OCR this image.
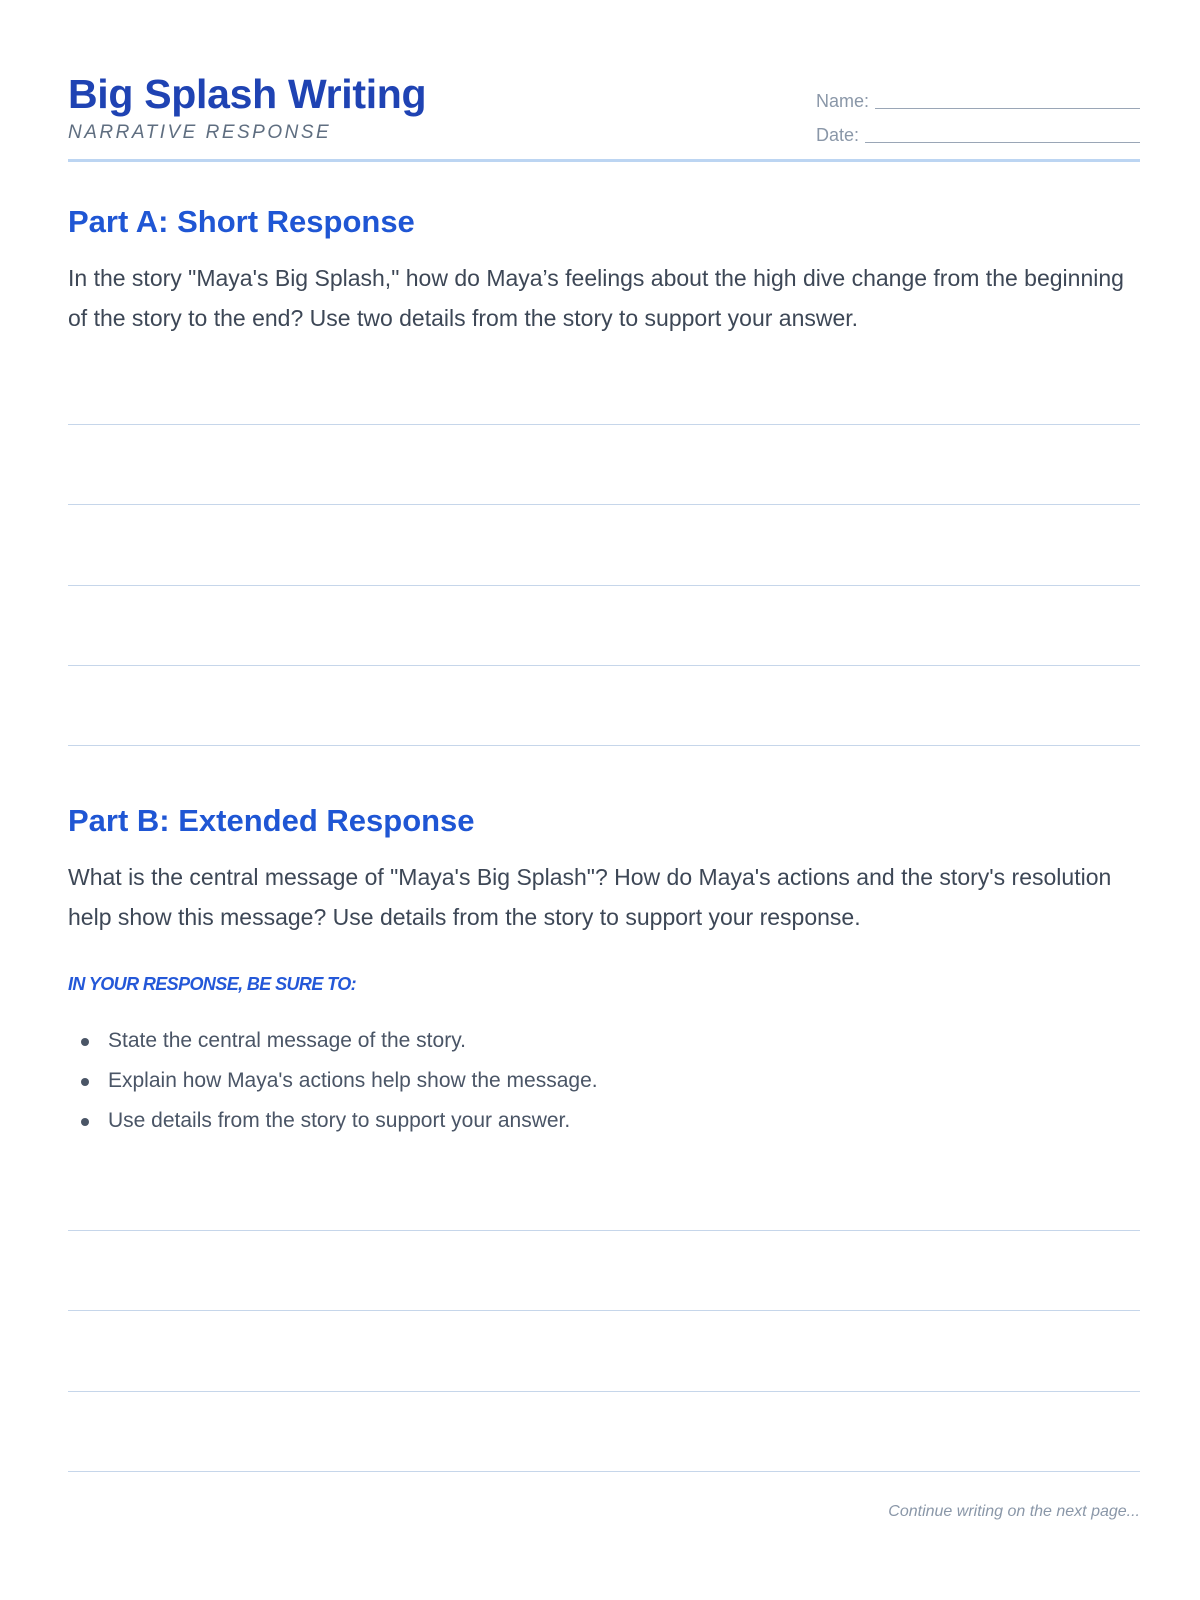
Big Splash Writing
NARRATIVE RESPONSE
Name:
Date:
Part A: Short Response

In the story "Maya's Big Splash," how do Maya’s feelings about the high dive change from the beginning of the story to the end? Use two details from the story to support your answer.

Part B: Extended Response

What is the central message of "Maya's Big Splash"? How do Maya's actions and the story's resolution help show this message? Use details from the story to support your response.

IN YOUR RESPONSE, BE SURE TO:
State the central message of the story.
Explain how Maya's actions help show the message.
Use details from the story to support your answer.
Continue writing on the next page...
